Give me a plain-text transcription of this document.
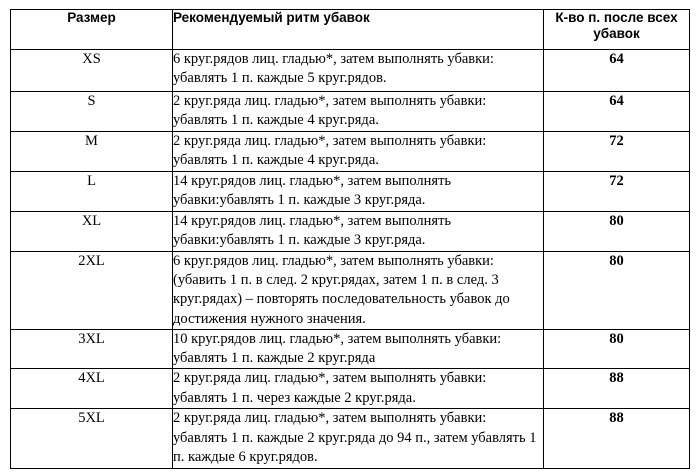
Размер	Рекомендуемый ритм убавок	К-во п. после всех убавок
XS	6 круг.рядов лиц. гладью*, затем выполнять убавки: убавлять 1 п. каждые 5 круг.рядов.	64
S	2 круг.ряда лиц. гладью*, затем выполнять убавки: убавлять 1 п. каждые 4 круг.ряда.	64
M	2 круг.ряда лиц. гладью*, затем выполнять убавки: убавлять 1 п. каждые 4 круг.ряда.	72
L	14 круг.рядов лиц. гладью*, затем выполнять убавки:убавлять 1 п. каждые 3 круг.ряда.	72
XL	14 круг.рядов лиц. гладью*, затем выполнять убавки:убавлять 1 п. каждые 3 круг.ряда.	80
2XL	6 круг.рядов лиц. гладью*, затем выполнять убавки: (убавить 1 п. в след. 2 круг.рядах, затем 1 п. в след. 3 круг.рядах) – повторять последовательность убавок до достижения нужного значения.	80
3XL	10 круг.рядов лиц. гладью*, затем выполнять убавки: убавлять 1 п. каждые 2 круг.ряда	80
4XL	2 круг.ряда лиц. гладью*, затем выполнять убавки: убавлять 1 п. через каждые 2 круг.ряда.	88
5XL	2 круг.ряда лиц. гладью*, затем выполнять убавки: убавлять 1 п. каждые 2 круг.ряда до 94 п., затем убавлять 1 п. каждые 6 круг.рядов.	88
